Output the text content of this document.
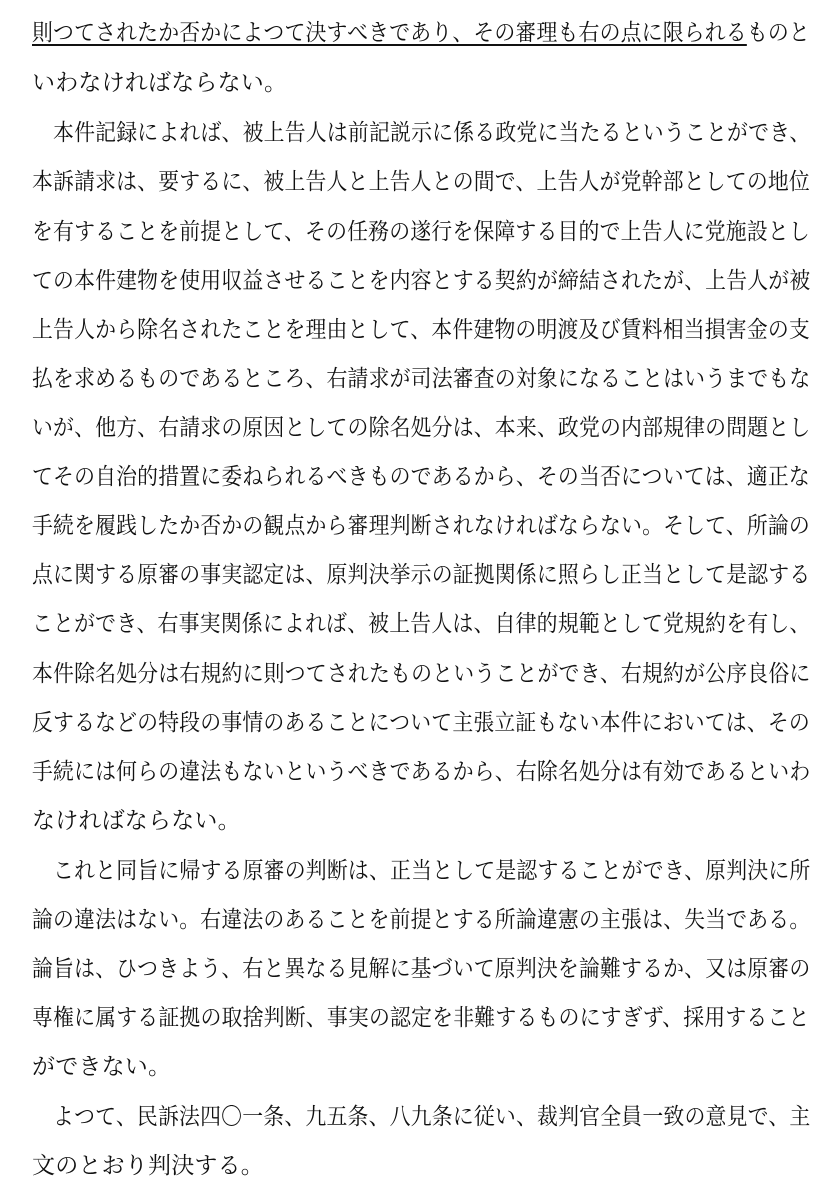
則つてされたか否かによつて決すべきであり、その審理も右の点に限られるものと
いわなければならない。
　本件記録によれば、被上告人は前記説示に係る政党に当たるということができ、
本訴請求は、要するに、被上告人と上告人との間で、上告人が党幹部としての地位
を有することを前提として、その任務の遂行を保障する目的で上告人に党施設とし
ての本件建物を使用収益させることを内容とする契約が締結されたが、上告人が被
上告人から除名されたことを理由として、本件建物の明渡及び賃料相当損害金の支
払を求めるものであるところ、右請求が司法審査の対象になることはいうまでもな
いが、他方、右請求の原因としての除名処分は、本来、政党の内部規律の問題とし
てその自治的措置に委ねられるべきものであるから、その当否については、適正な
手続を履践したか否かの観点から審理判断されなければならない。そして、所論の
点に関する原審の事実認定は、原判決挙示の証拠関係に照らし正当として是認する
ことができ、右事実関係によれば、被上告人は、自律的規範として党規約を有し、
本件除名処分は右規約に則つてされたものということができ、右規約が公序良俗に
反するなどの特段の事情のあることについて主張立証もない本件においては、その
手続には何らの違法もないというべきであるから、右除名処分は有効であるといわ
なければならない。
　これと同旨に帰する原審の判断は、正当として是認することができ、原判決に所
論の違法はない。右違法のあることを前提とする所論違憲の主張は、失当である。
論旨は、ひつきよう、右と異なる見解に基づいて原判決を論難するか、又は原審の
専権に属する証拠の取捨判断、事実の認定を非難するものにすぎず、採用すること
ができない。
　よつて、民訴法四〇一条、九五条、八九条に従い、裁判官全員一致の意見で、主
文のとおり判決する。
